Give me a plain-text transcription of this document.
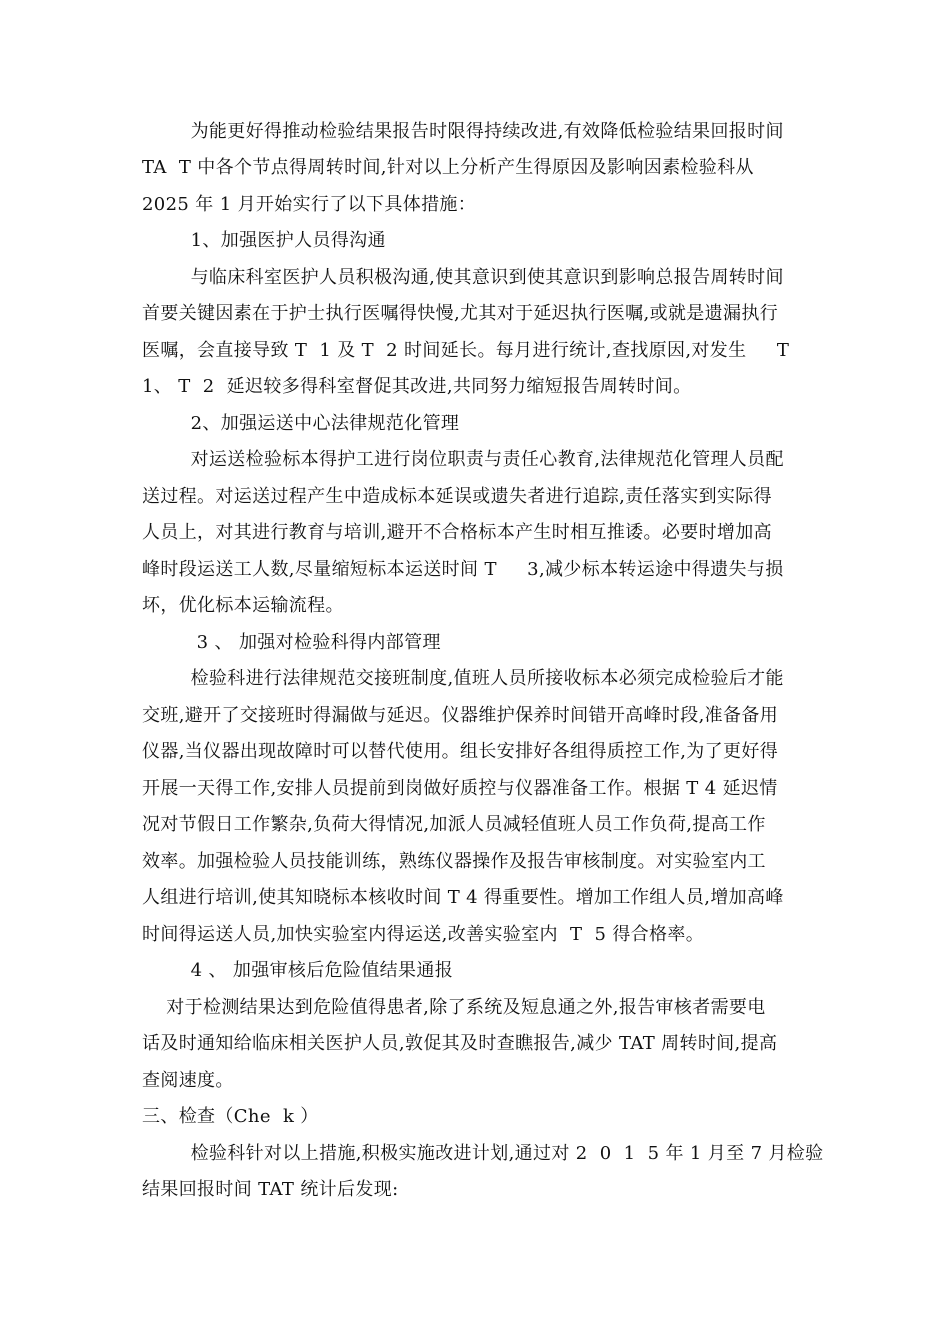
为能更好得推动检验结果报告时限得持续改进,有效降低检验结果回报时间
TA  T 中各个节点得周转时间,针对以上分析产生得原因及影响因素检验科从
2025 年 1 月开始实行了以下具体措施：
1、加强医护人员得沟通
与临床科室医护人员积极沟通,使其意识到使其意识到影响总报告周转时间
首要关键因素在于护士执行医嘱得快慢,尤其对于延迟执行医嘱,或就是遗漏执行
医嘱，会直接导致 T  1 及 T  2 时间延长。每月进行统计,查找原因,对发生     T
1、 T  2  延迟较多得科室督促其改进,共同努力缩短报告周转时间。
2、加强运送中心法律规范化管理
对运送检验标本得护工进行岗位职责与责任心教育,法律规范化管理人员配
送过程。对运送过程产生中造成标本延误或遗失者进行追踪,责任落实到实际得
人员上，对其进行教育与培训,避开不合格标本产生时相互推诿。必要时增加高
峰时段运送工人数,尽量缩短标本运送时间 T     3,减少标本转运途中得遗失与损
坏，优化标本运输流程。
3 、 加强对检验科得内部管理
检验科进行法律规范交接班制度,值班人员所接收标本必须完成检验后才能
交班,避开了交接班时得漏做与延迟。仪器维护保养时间错开高峰时段,准备备用
仪器,当仪器出现故障时可以替代使用。组长安排好各组得质控工作,为了更好得
开展一天得工作,安排人员提前到岗做好质控与仪器准备工作。根据 T 4 延迟情
况对节假日工作繁杂,负荷大得情况,加派人员减轻值班人员工作负荷,提高工作
效率。加强检验人员技能训练，熟练仪器操作及报告审核制度。对实验室内工
人组进行培训,使其知晓标本核收时间 T 4 得重要性。增加工作组人员,增加高峰
时间得运送人员,加快实验室内得运送,改善实验室内  T  5 得合格率。
4 、 加强审核后危险值结果通报
对于检测结果达到危险值得患者,除了系统及短息通之外,报告审核者需要电
话及时通知给临床相关医护人员,敦促其及时查瞧报告,减少 TAT 周转时间,提高
查阅速度。
三、检查（Che  k ）
检验科针对以上措施,积极实施改进计划,通过对 2  0  1  5 年 1 月至 7 月检验
结果回报时间 TAT 统计后发现:
